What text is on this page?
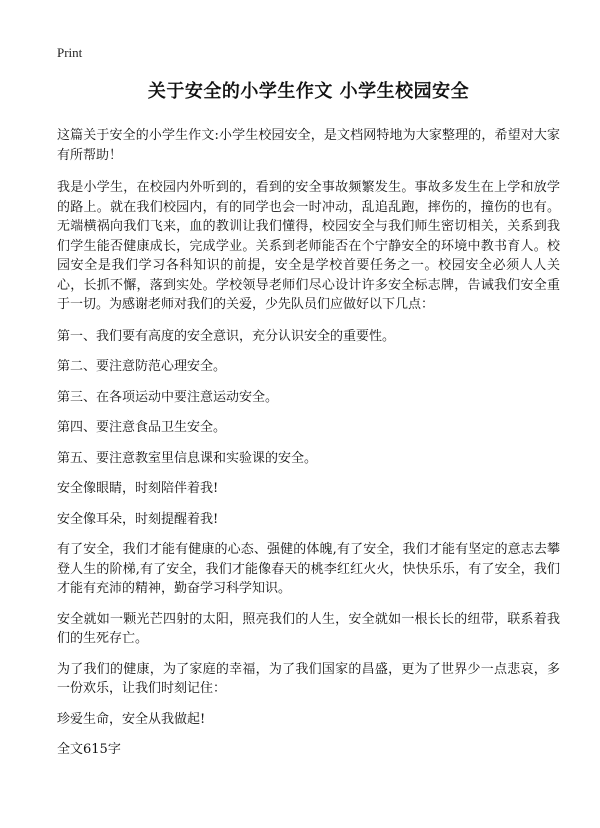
Print
关于安全的小学生作文 小学生校园安全

这篇关于安全的小学生作文:小学生校园安全，是文档网特地为大家整理的，希望对大家有所帮助！

我是小学生，在校园内外听到的，看到的安全事故频繁发生。事故多发生在上学和放学的路上。就在我们校园内，有的同学也会一时冲动，乱追乱跑，摔伤的，撞伤的也有。无端横祸向我们飞来，血的教训让我们懂得，校园安全与我们师生密切相关，关系到我们学生能否健康成长，完成学业。关系到老师能否在个宁静安全的环境中教书育人。校园安全是我们学习各科知识的前提，安全是学校首要任务之一。校园安全必须人人关心，长抓不懈，落到实处。学校领导老师们尽心设计许多安全标志牌，告诫我们安全重于一切。为感谢老师对我们的关爱，少先队员们应做好以下几点：

第一、我们要有高度的安全意识，充分认识安全的重要性。

第二、要注意防范心理安全。

第三、在各项运动中要注意运动安全。

第四、要注意食品卫生安全。

第五、要注意教室里信息课和实验课的安全。

安全像眼睛，时刻陪伴着我!

安全像耳朵，时刻提醒着我!

有了安全，我们才能有健康的心态、强健的体魄,有了安全，我们才能有坚定的意志去攀登人生的阶梯,有了安全，我们才能像春天的桃李红红火火，快快乐乐，有了安全，我们才能有充沛的精神，勤奋学习科学知识。

安全就如一颗光芒四射的太阳，照亮我们的人生，安全就如一根长长的纽带，联系着我们的生死存亡。

为了我们的健康，为了家庭的幸福，为了我们国家的昌盛，更为了世界少一点悲哀，多一份欢乐，让我们时刻记住：

珍爱生命，安全从我做起!

全文615字
